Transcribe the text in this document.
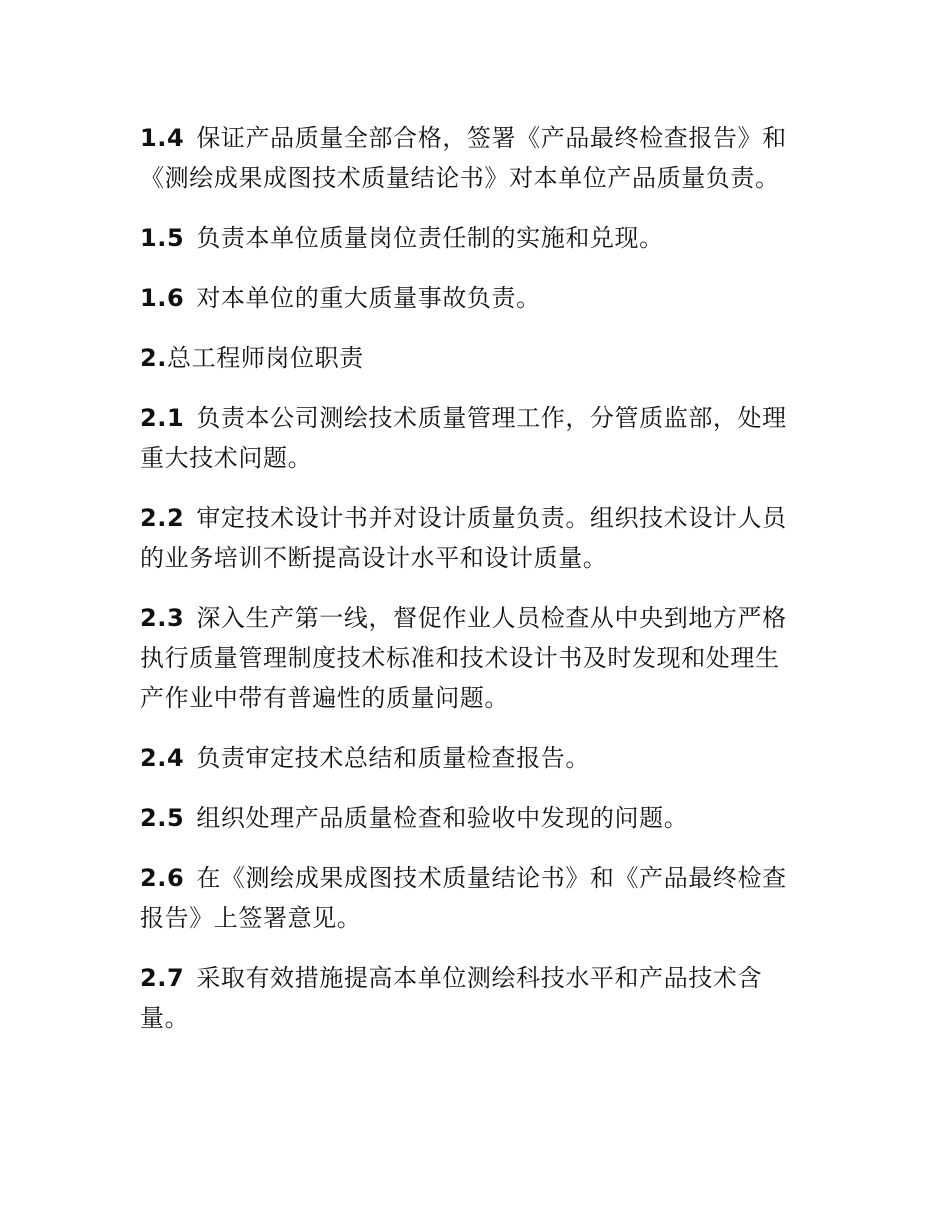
1.4 保证产品质量全部合格，签署《产品最终检查报告》和《测绘成果成图技术质量结论书》对本单位产品质量负责。

1.5 负责本单位质量岗位责任制的实施和兑现。

1.6 对本单位的重大质量事故负责。

2.总工程师岗位职责

2.1 负责本公司测绘技术质量管理工作，分管质监部，处理重大技术问题。

2.2 审定技术设计书并对设计质量负责。组织技术设计人员的业务培训不断提高设计水平和设计质量。

2.3 深入生产第一线，督促作业人员检查从中央到地方严格执行质量管理制度技术标准和技术设计书及时发现和处理生产作业中带有普遍性的质量问题。

2.4 负责审定技术总结和质量检查报告。

2.5 组织处理产品质量检查和验收中发现的问题。

2.6 在《测绘成果成图技术质量结论书》和《产品最终检查报告》上签署意见。

2.7 采取有效措施提高本单位测绘科技水平和产品技术含量。
